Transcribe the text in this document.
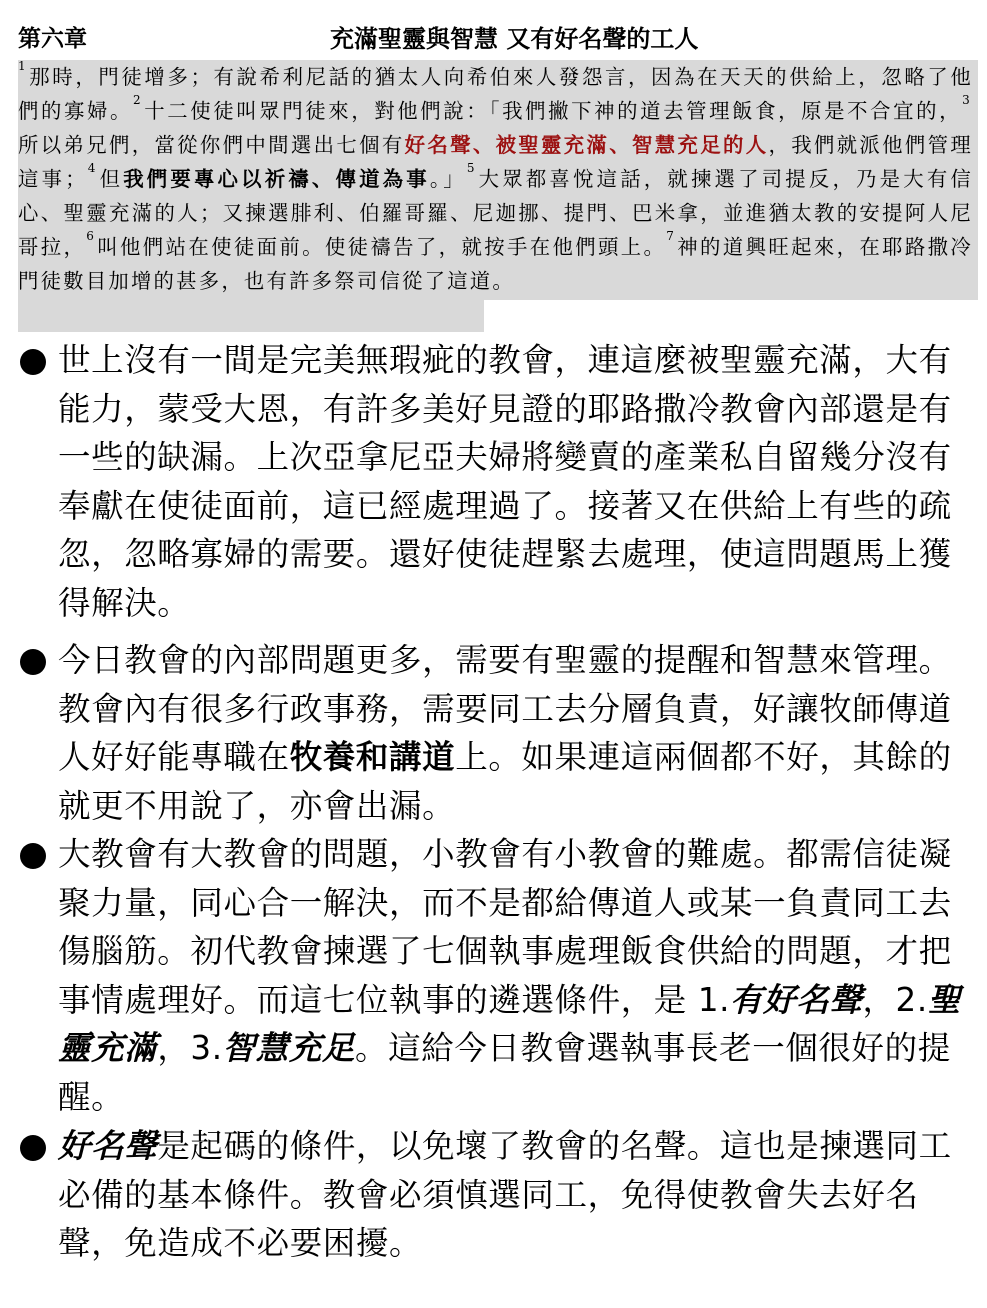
第六章	充滿聖靈與智慧 又有好名聲的工人
$^1$那時，門徒增多；有說希利尼話的猶太人向希伯來人發怨言，因為在天天的供給上，忽略了他們的寡婦。$^2$十二使徒叫眾門徒來，對他們說：「我們撇下神的道去管理飯食，原是不合宜的，$^3$所以弟兄們，當從你們中間選出七個有好名聲、被聖靈充滿、智慧充足的人，我們就派他們管理這事；$^4$但我們要專心以祈禱、傳道為事。」$^5$大眾都喜悅這話，就揀選了司提反，乃是大有信心、聖靈充滿的人；又揀選腓利、伯羅哥羅、尼迦挪、提門、巴米拿，並進猶太教的安提阿人尼哥拉，$^6$叫他們站在使徒面前。使徒禱告了，就按手在他們頭上。$^7$神的道興旺起來，在耶路撒冷門徒數目加增的甚多，也有許多祭司信從了這道。
世上沒有一間是完美無瑕疵的教會，連這麼被聖靈充滿，大有能力，蒙受大恩，有許多美好見證的耶路撒冷教會內部還是有一些的缺漏。上次亞拿尼亞夫婦將變賣的產業私自留幾分沒有奉獻在使徒面前，這已經處理過了。接著又在供給上有些的疏忽，忽略寡婦的需要。還好使徒趕緊去處理，使這問題馬上獲得解決。
今日教會的內部問題更多，需要有聖靈的提醒和智慧來管理。教會內有很多行政事務，需要同工去分層負責，好讓牧師傳道人好好能專職在牧養和講道上。如果連這兩個都不好，其餘的就更不用說了，亦會出漏。
大教會有大教會的問題，小教會有小教會的難處。都需信徒凝聚力量，同心合一解決，而不是都給傳道人或某一負責同工去傷腦筋。初代教會揀選了七個執事處理飯食供給的問題，才把事情處理好。而這七位執事的遴選條件，是 1.有好名聲，2.聖靈充滿，3.智慧充足。這給今日教會選執事長老一個很好的提醒。
好名聲是起碼的條件，以免壞了教會的名聲。這也是揀選同工必備的基本條件。教會必須慎選同工，免得使教會失去好名聲，免造成不必要困擾。
